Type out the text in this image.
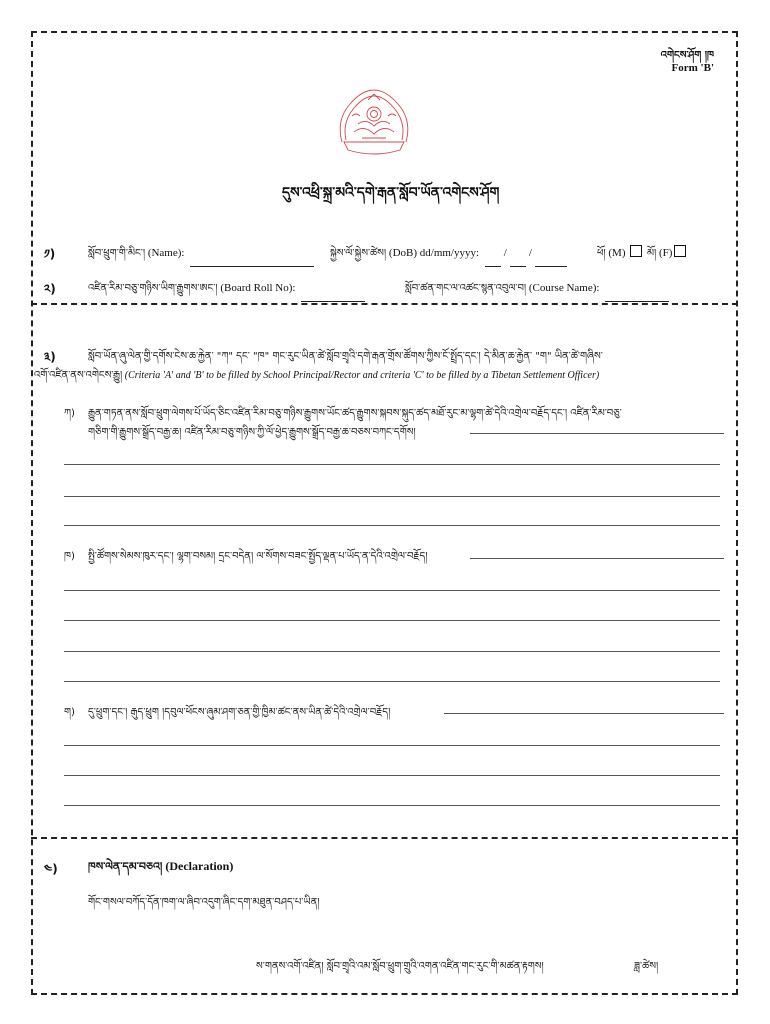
འགེངས་ཤོག །ཁ
Form 'B'
དུས་འཕྲི་སྐྲ་མའི་དགེ་རྒན་སློབ་ཡོན་འགེངས་ཤོག
༡)	སློབ་ཕྲུག་གི་མིང་། (Name):	སྐྱེས་ལོ་སྐྱེས་ཚེས། (DoB) dd/mm/yyyy: / /	ཕོ། (M) མོ། (F)
༢)	འཛིན་རིམ་བཅུ་གཉིས་ཡིག་རྒྱུགས་ཨང་། (Board Roll No):	སློབ་ཚན་གང་ལ་འཚང་སྙན་འབུལ་བ། (Course Name):
༣)	སློབ་ཡོན་ཞུ་ལེན་གྱི་དགོས་ངེས་ཆ་རྐྱེན་ "ཀ" དང་ "ཁ" གང་རུང་ཡིན་ཚེ་སློབ་གྲྭའི་དགེ་རྒན་གྲོས་ཚོགས་ཀྱིས་ངོ་སྤྲོད་དང་། དེ་མིན་ཆ་རྐྱེན་ "ག" ཡིན་ཚེ་གཞིས་
འགོ་འཛིན་ནས་འགེངས་རྒྱུ། (Criteria 'A' and 'B' to be filled by School Principal/Rector and criteria 'C' to be filled by a Tibetan Settlement Officer)
ཀ) རྒྱུན་གཏན་ནས་སློབ་ཕྲུག་ལེགས་པོ་ཡོད་ཅིང་འཛིན་རིམ་བཅུ་གཉིས་རྒྱུགས་ཡོང་ཚད་རྒྱུགས་སྐབས་སྐུད་ཚད་མཐོ་རུང་མ་ལྷག་ཚེ་དེའི་འགྲེལ་བརྗོད་དང་། འཛིན་རིམ་བཅུ་
གཅིག་གི་རྒྱུགས་སྒྲོད་བརྒྱ་ཆ། འཛིན་རིམ་བཅུ་གཉིས་ཀྱི་ལོ་ཕྱེད་རྒྱུགས་སྒྲོད་བརྒྱ་ཆ་བཅས་བཀང་དགོས།
ཁ) སྤྱི་ཚོགས་སེམས་ཁུར་དང་། ལྷག་བསམ། དྲང་བདེན། ལ་སོགས་བཟང་སྤྱོད་ལྡན་པ་ཡོད་ན་དེའི་འགྲེལ་བརྗོད།
ག) དུ་ཕྲུག་དང་། རྒུད་ཕྲུག །དབུལ་ཕོངས་ཞུམ་ཤག་ཅན་གྱི་ཁྱིམ་ཚང་ནས་ཡིན་ཚེ་དེའི་འགྲེལ་བརྗོད།
༤)	ཁས་ལེན་དམ་བཅའ། (Declaration)
གོང་གསལ་བཀོད་དོན་ཁག་ལ་ཞིབ་འདུག་ཞིང་དག་མཐུན་བཤད་པ་ཡིན།
ས་གནས་འགོ་འཛིན། སློབ་གྲྭའི་འམ་སློབ་ཕྲུག་གྲུའི་འགན་འཛིན་གང་རུང་གི་མཚན་རྟགས།	ཟླ་ཚེས།
